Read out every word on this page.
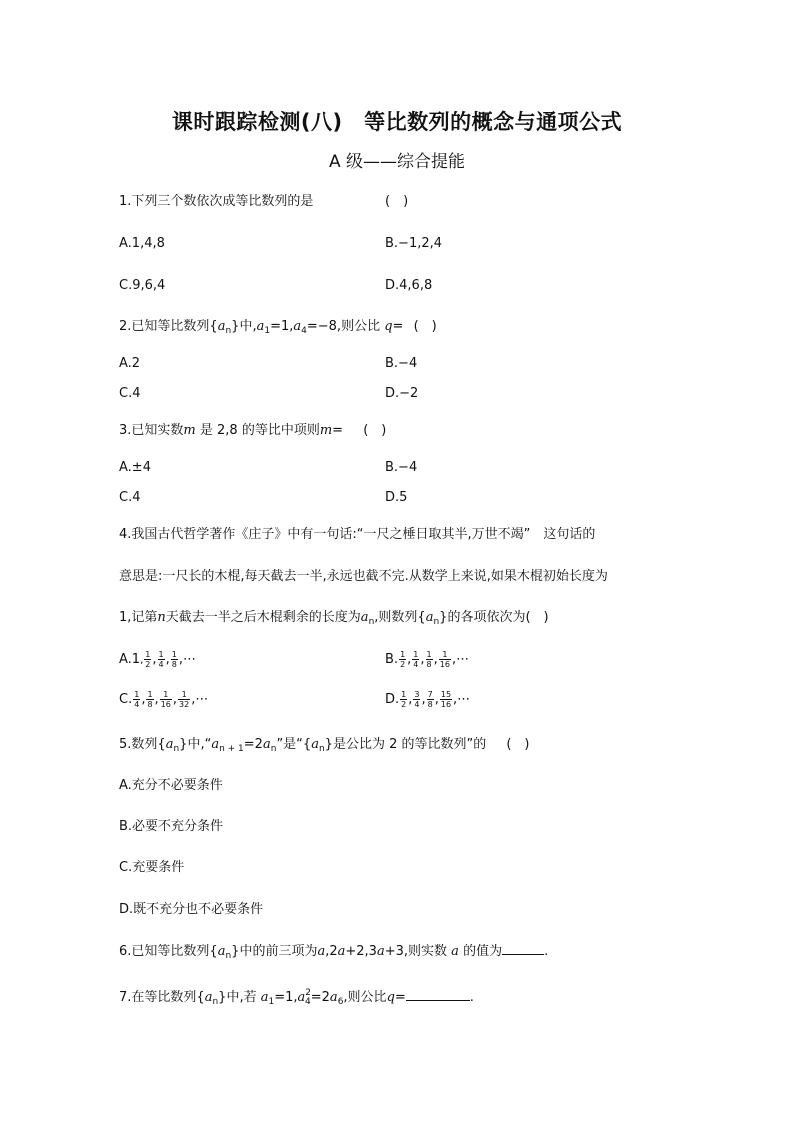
课时跟踪检测(八)　等比数列的概念与通项公式
A 级——综合提能
1.下列三个数依次成等比数列的是	(　)
A.1,4,8	B.−1,2,4
C.9,6,4	D.4,6,8
2.已知等比数列$\{a_n\}$中$,a_1=1,a_4=-8$,则公比 q= (　)
A.2	B.−4
C.4	D.−2
3.已知实数m 是 2,8 的等比中项则m= (　)
A.±4	B.−4
C.4	D.5
4.我国古代哲学著作《庄子》中有一句话:“一尺之棰日取其半,万世不竭”　这句话的
意思是:一尺长的木棍,每天截去一半,永远也截不完.从数学上来说,如果木棍初始长度为
1,记第n天截去一半之后木棍剩余的长度为$a_n$,则数列$\{a_n\}$的各项依次为(　)
A.1, $\frac{1}{2}$ , $\frac{1}{4}$ , $\frac{1}{8}$ ,⋯	B. $\frac{1}{2}$ , $\frac{1}{4}$ , $\frac{1}{8}$ , $\frac{1}{16}$ ,⋯
C. $\frac{1}{4}$ , $\frac{1}{8}$ , $\frac{1}{16}$ , $\frac{1}{32}$ ,⋯	D. $\frac{1}{2}$ , $\frac{3}{4}$ , $\frac{7}{8}$ , $\frac{15}{16}$ ,⋯
5.数列$\{a_n\}$中$,“a_{n + 1}=2a_n$”是“$\{a_n\}$是公比为 2 的等比数列”的 (　)
A.充分不必要条件
B.必要不充分条件
C.充要条件
D.既不充分也不必要条件
6.已知等比数列$\{a_n\}$中的前三项为a,2a+2,3a+3,则实数 a 的值为	.
7.在等比数列$\{a_n\}$中,若 $a_1=1,a^2_4=2a_6$,则公比q=	.
